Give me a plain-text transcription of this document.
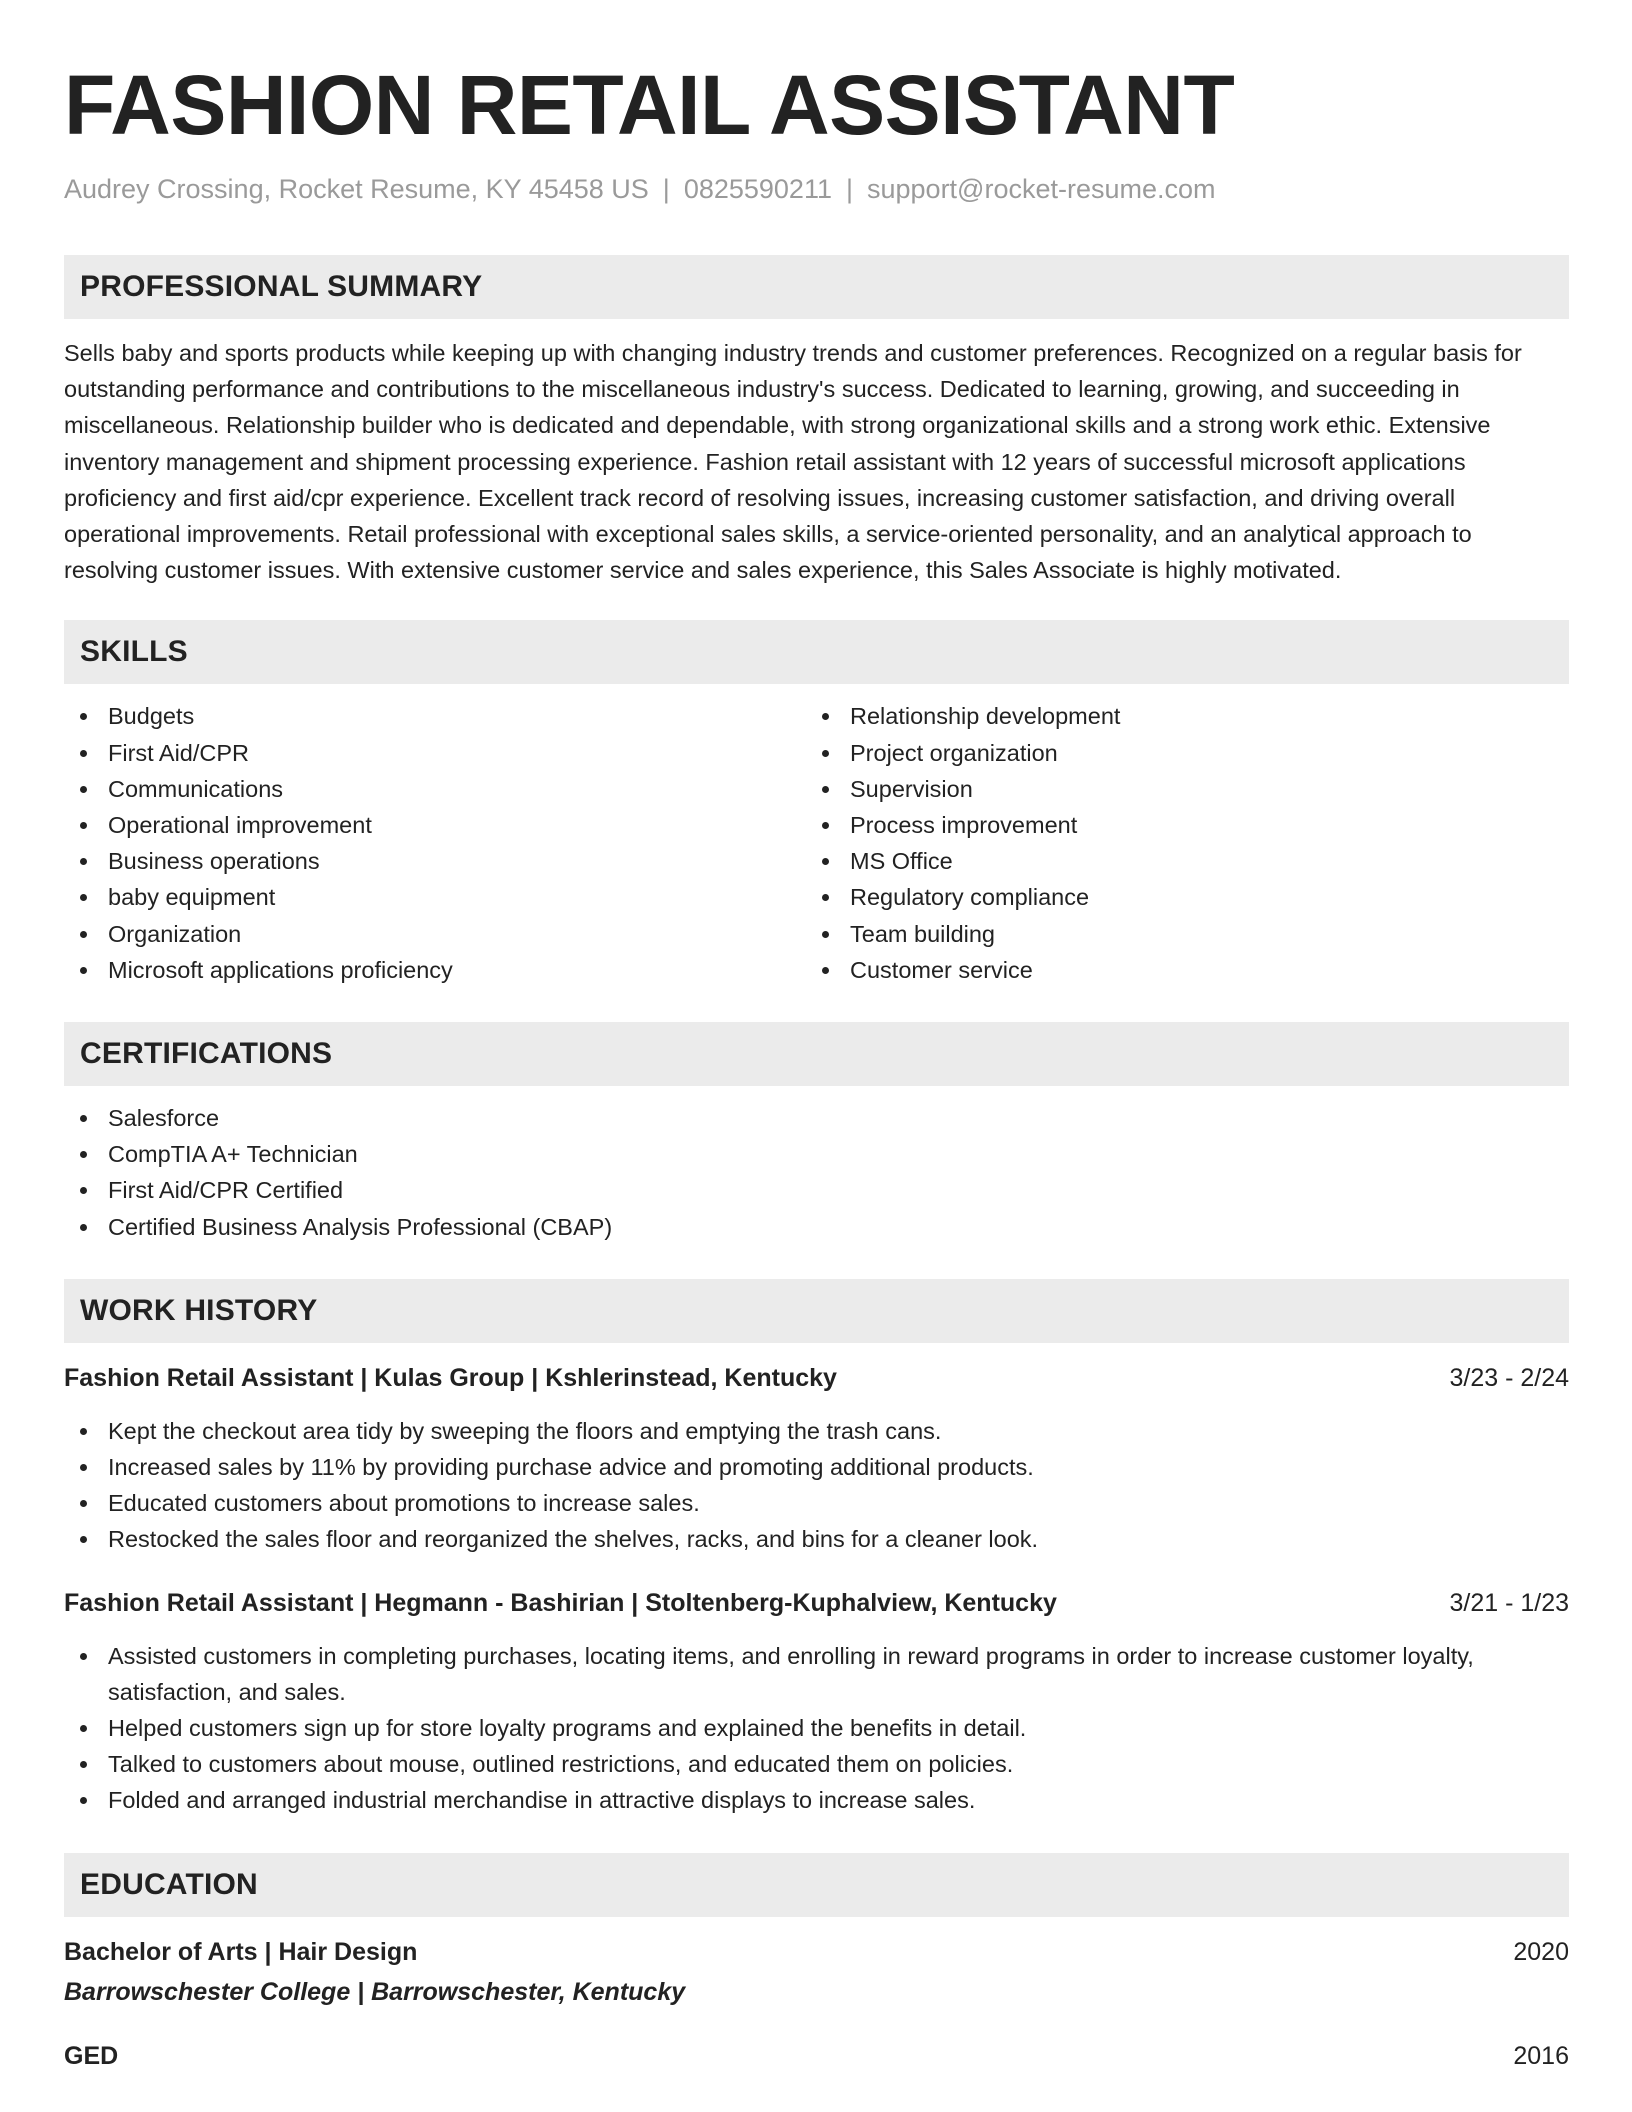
FASHION RETAIL ASSISTANT
Audrey Crossing, Rocket Resume, KY 45458 US | 0825590211 | support@rocket-resume.com
PROFESSIONAL SUMMARY

Sells baby and sports products while keeping up with changing industry trends and customer preferences. Recognized on a regular basis for outstanding performance and contributions to the miscellaneous industry's success. Dedicated to learning, growing, and succeeding in miscellaneous. Relationship builder who is dedicated and dependable, with strong organizational skills and a strong work ethic. Extensive inventory management and shipment processing experience. Fashion retail assistant with 12 years of successful microsoft applications proficiency and first aid/cpr experience. Excellent track record of resolving issues, increasing customer satisfaction, and driving overall operational improvements. Retail professional with exceptional sales skills, a service-oriented personality, and an analytical approach to resolving customer issues. With extensive customer service and sales experience, this Sales Associate is highly motivated.

SKILLS
Budgets
First Aid/CPR
Communications
Operational improvement
Business operations
baby equipment
Organization
Microsoft applications proficiency
Relationship development
Project organization
Supervision
Process improvement
MS Office
Regulatory compliance
Team building
Customer service
CERTIFICATIONS
Salesforce
CompTIA A+ Technician
First Aid/CPR Certified
Certified Business Analysis Professional (CBAP)
WORK HISTORY
Fashion Retail Assistant | Kulas Group | Kshlerinstead, Kentucky	3/23 - 2/24
Kept the checkout area tidy by sweeping the floors and emptying the trash cans.
Increased sales by 11% by providing purchase advice and promoting additional products.
Educated customers about promotions to increase sales.
Restocked the sales floor and reorganized the shelves, racks, and bins for a cleaner look.
Fashion Retail Assistant | Hegmann - Bashirian | Stoltenberg-Kuphalview, Kentucky	3/21 - 1/23
Assisted customers in completing purchases, locating items, and enrolling in reward programs in order to increase customer loyalty, satisfaction, and sales.
Helped customers sign up for store loyalty programs and explained the benefits in detail.
Talked to customers about mouse, outlined restrictions, and educated them on policies.
Folded and arranged industrial merchandise in attractive displays to increase sales.
EDUCATION
Bachelor of Arts | Hair Design	2020
Barrowschester College | Barrowschester, Kentucky
GED	2016
